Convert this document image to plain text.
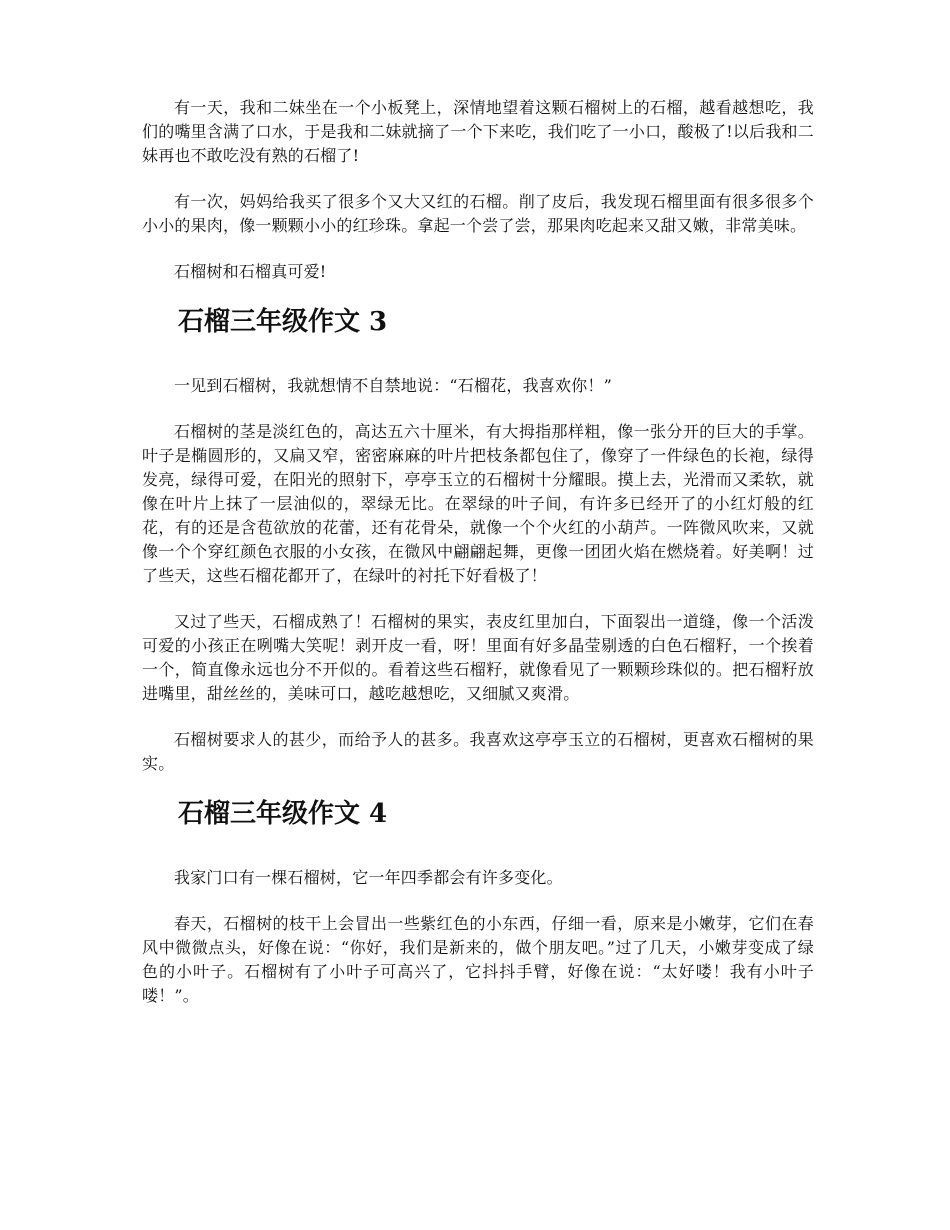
有一天，我和二妹坐在一个小板凳上，深情地望着这颗石榴树上的石榴，越看越想吃，我们的嘴里含满了口水，于是我和二妹就摘了一个下来吃，我们吃了一小口，酸极了!以后我和二妹再也不敢吃没有熟的石榴了!

有一次，妈妈给我买了很多个又大又红的石榴。削了皮后，我发现石榴里面有很多很多个小小的果肉，像一颗颗小小的红珍珠。拿起一个尝了尝，那果肉吃起来又甜又嫩，非常美味。

石榴树和石榴真可爱!

石榴三年级作文 3

一见到石榴树，我就想情不自禁地说：“石榴花，我喜欢你！”

石榴树的茎是淡红色的，高达五六十厘米，有大拇指那样粗，像一张分开的巨大的手掌。叶子是椭圆形的，又扁又窄，密密麻麻的叶片把枝条都包住了，像穿了一件绿色的长袍，绿得发亮，绿得可爱，在阳光的照射下，亭亭玉立的石榴树十分耀眼。摸上去，光滑而又柔软，就像在叶片上抹了一层油似的，翠绿无比。在翠绿的叶子间，有许多已经开了的小红灯般的红花，有的还是含苞欲放的花蕾，还有花骨朵，就像一个个火红的小葫芦。一阵微风吹来，又就像一个个穿红颜色衣服的小女孩，在微风中翩翩起舞，更像一团团火焰在燃烧着。好美啊！过了些天，这些石榴花都开了，在绿叶的衬托下好看极了！

又过了些天，石榴成熟了！石榴树的果实，表皮红里加白，下面裂出一道缝，像一个活泼可爱的小孩正在咧嘴大笑呢！剥开皮一看，呀！里面有好多晶莹剔透的白色石榴籽，一个挨着一个，简直像永远也分不开似的。看着这些石榴籽，就像看见了一颗颗珍珠似的。把石榴籽放进嘴里，甜丝丝的，美味可口，越吃越想吃，又细腻又爽滑。

石榴树要求人的甚少，而给予人的甚多。我喜欢这亭亭玉立的石榴树，更喜欢石榴树的果实。

石榴三年级作文 4

我家门口有一棵石榴树，它一年四季都会有许多变化。

春天，石榴树的枝干上会冒出一些紫红色的小东西，仔细一看，原来是小嫩芽，它们在春风中微微点头，好像在说：“你好，我们是新来的，做个朋友吧。”过了几天，小嫩芽变成了绿色的小叶子。石榴树有了小叶子可高兴了，它抖抖手臂，好像在说：“太好喽！我有小叶子喽！”。
